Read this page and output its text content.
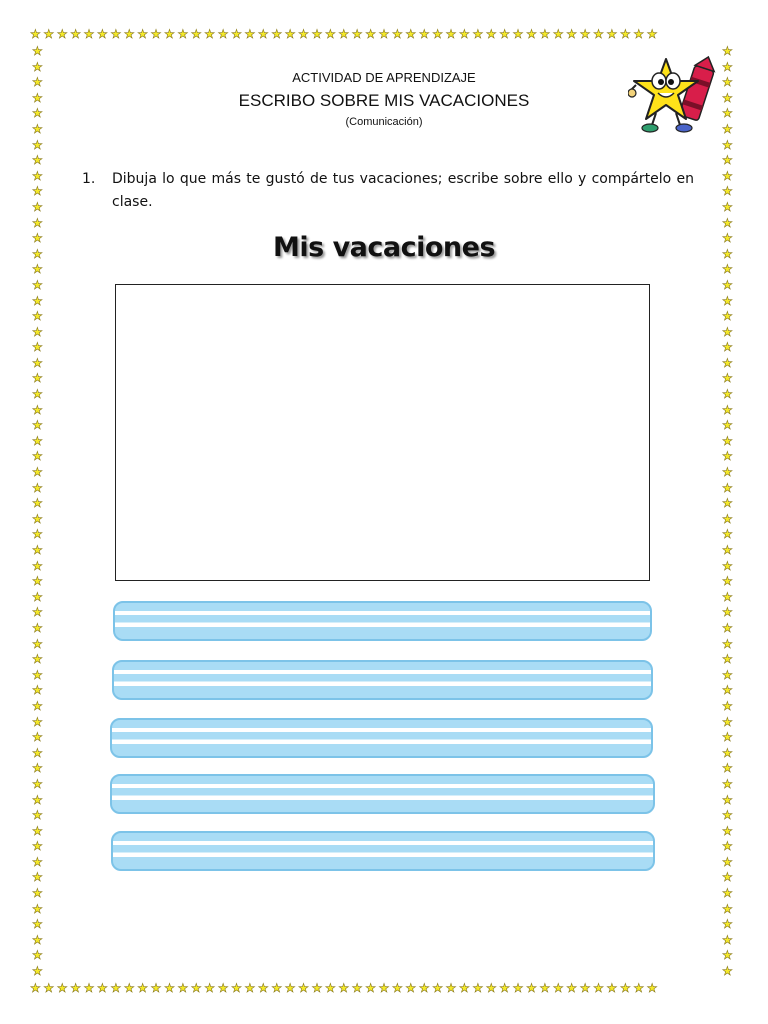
★★★★★★★★★★★★★★★★★★★★★★★★★★★★★★★★★★★★★★★★★★★★★★★
★★★★★★★★★★★★★★★★★★★★★★★★★★★★★★★★★★★★★★★★★★★★★★★
★★★★★★★★★★★★★★★★★★★★★★★★★★★★★★★★★★★★★★★★★★★★★★★★★★★★★★★★★★★★
★★★★★★★★★★★★★★★★★★★★★★★★★★★★★★★★★★★★★★★★★★★★★★★★★★★★★★★★★★★★
ACTIVIDAD DE APRENDIZAJE
ESCRIBO SOBRE MIS VACACIONES
(Comunicación)
1. Dibuja lo que más te gustó de tus vacaciones; escribe sobre ello y compártelo en clase.
Mis vacaciones
